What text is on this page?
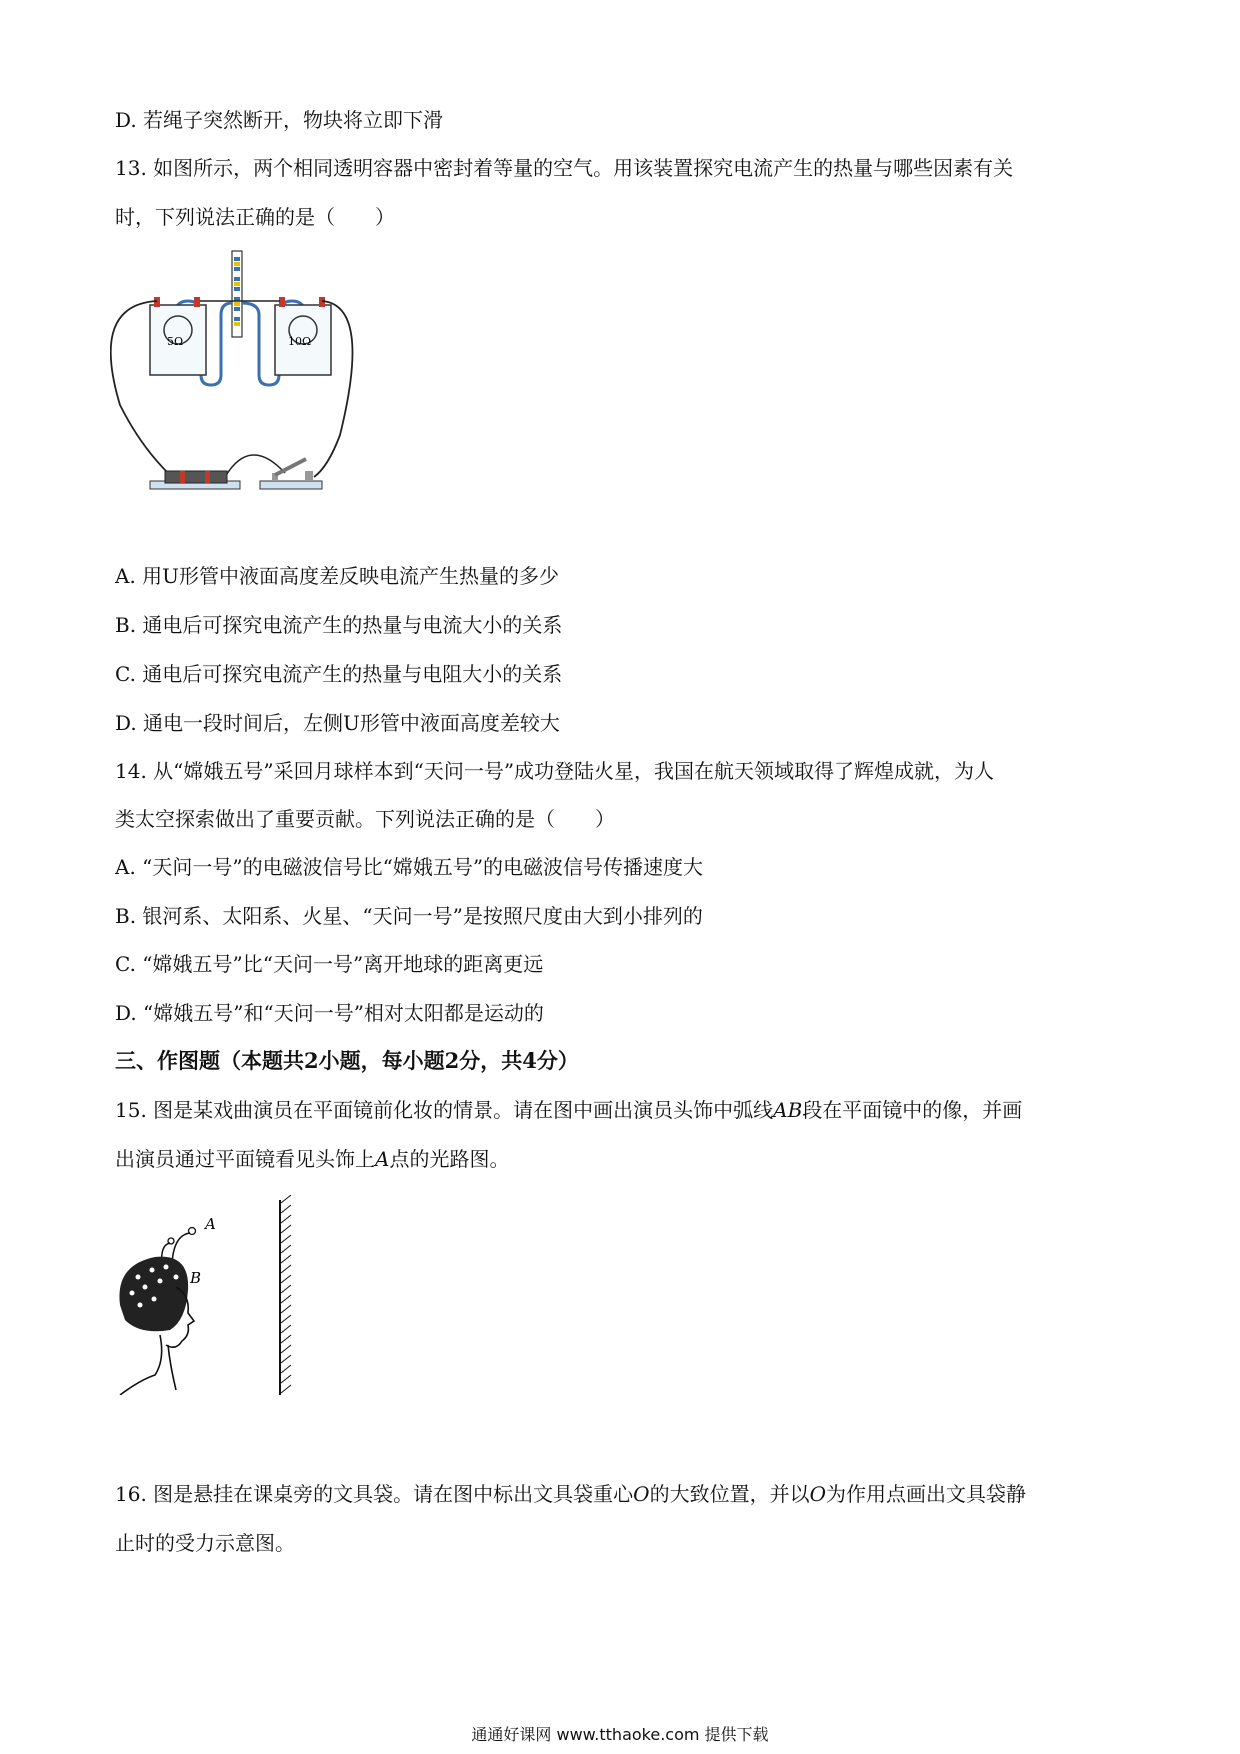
D. 若绳子突然断开，物块将立即下滑
13. 如图所示，两个相同透明容器中密封着等量的空气。用该装置探究电流产生的热量与哪些因素有关
时，下列说法正确的是（　　）
5Ω	10Ω
A. 用U形管中液面高度差反映电流产生热量的多少
B. 通电后可探究电流产生的热量与电流大小的关系
C. 通电后可探究电流产生的热量与电阻大小的关系
D. 通电一段时间后，左侧U形管中液面高度差较大
14. 从“嫦娥五号”采回月球样本到“天问一号”成功登陆火星，我国在航天领域取得了辉煌成就，为人
类太空探索做出了重要贡献。下列说法正确的是（　　）
A. “天问一号”的电磁波信号比“嫦娥五号”的电磁波信号传播速度大
B. 银河系、太阳系、火星、“天问一号”是按照尺度由大到小排列的
C. “嫦娥五号”比“天问一号”离开地球的距离更远
D. “嫦娥五号”和“天问一号”相对太阳都是运动的
三、作图题（本题共2小题，每小题2分，共4分）
15. 图是某戏曲演员在平面镜前化妆的情景。请在图中画出演员头饰中弧线AB段在平面镜中的像，并画
出演员通过平面镜看见头饰上A点的光路图。
A
B
16. 图是悬挂在课桌旁的文具袋。请在图中标出文具袋重心O的大致位置，并以O为作用点画出文具袋静
止时的受力示意图。
通通好课网 www.tthaoke.com 提供下载
